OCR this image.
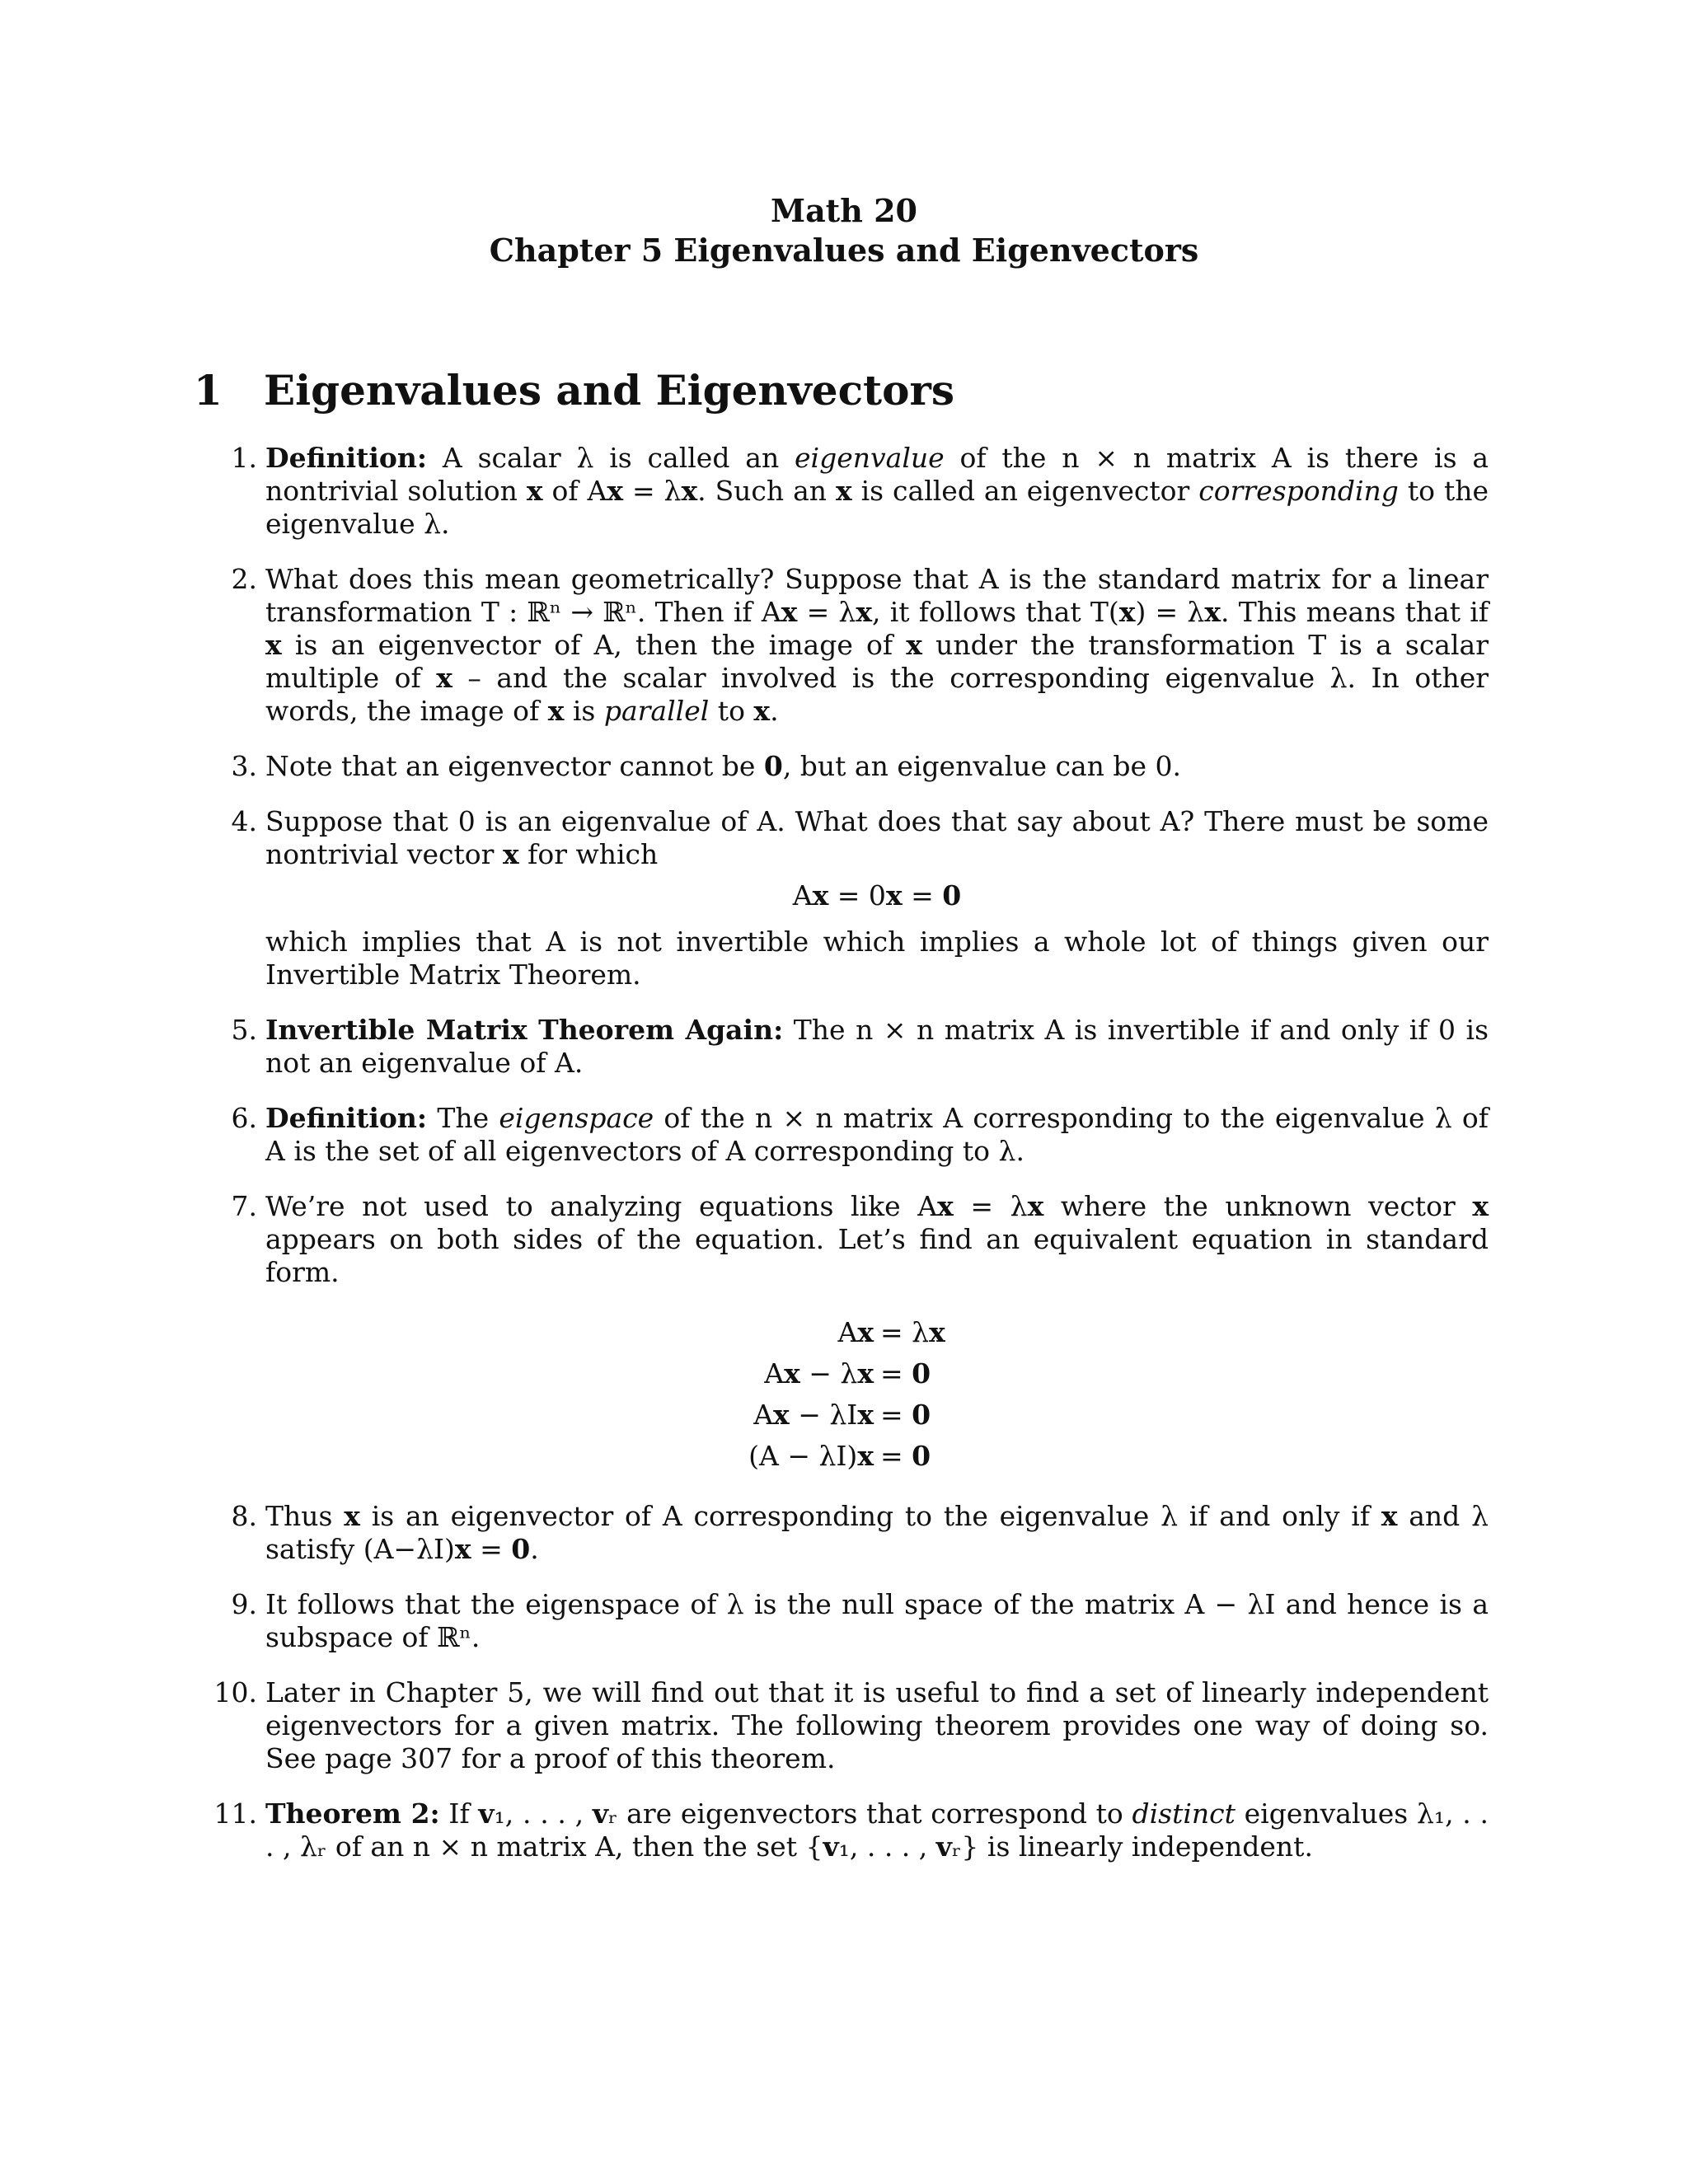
Math 20
Chapter 5 Eigenvalues and Eigenvectors
1 Eigenvalues and Eigenvectors
1. Definition: A scalar λ is called an eigenvalue of the n × n matrix A is there is a nontrivial solution x of Ax = λx. Such an x is called an eigenvector corresponding to the eigenvalue λ.
2. What does this mean geometrically? Suppose that A is the standard matrix for a linear transformation T : ℝⁿ → ℝⁿ. Then if Ax = λx, it follows that T(x) = λx. This means that if x is an eigenvector of A, then the image of x under the transformation T is a scalar multiple of x – and the scalar involved is the corresponding eigenvalue λ. In other words, the image of x is parallel to x.
3. Note that an eigenvector cannot be 0, but an eigenvalue can be 0.
4. Suppose that 0 is an eigenvalue of A. What does that say about A? There must be some nontrivial vector x for which
Ax = 0x = 0
which implies that A is not invertible which implies a whole lot of things given our Invertible Matrix Theorem.
5. Invertible Matrix Theorem Again: The n × n matrix A is invertible if and only if 0 is not an eigenvalue of A.
6. Definition: The eigenspace of the n × n matrix A corresponding to the eigenvalue λ of A is the set of all eigenvectors of A corresponding to λ.
7. We’re not used to analyzing equations like Ax = λx where the unknown vector x appears on both sides of the equation. Let’s find an equivalent equation in standard form.
Ax	= λx
Ax − λx	= 0
Ax − λIx	= 0
(A − λI)x	= 0
8. Thus x is an eigenvector of A corresponding to the eigenvalue λ if and only if x and λ satisfy (A−λI)x = 0.
9. It follows that the eigenspace of λ is the null space of the matrix A − λI and hence is a subspace of ℝⁿ.
10. Later in Chapter 5, we will find out that it is useful to find a set of linearly independent eigenvectors for a given matrix. The following theorem provides one way of doing so. See page 307 for a proof of this theorem.
11. Theorem 2: If v₁, . . . , vᵣ are eigenvectors that correspond to distinct eigenvalues λ₁, . . . , λᵣ of an n × n matrix A, then the set {v₁, . . . , vᵣ} is linearly independent.
